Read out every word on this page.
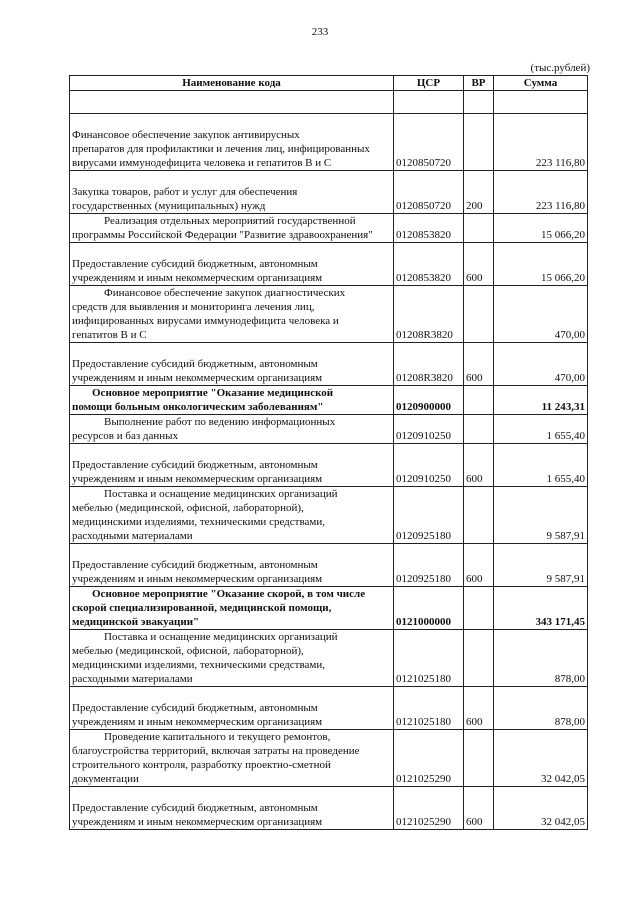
233
(тыс.рублей)
Наименование кода	ЦСР	ВР	Сумма

Финансовое обеспечение закупок антивирусных
препаратов для профилактики и лечения лиц, инфицированных
вирусами иммунодефицита человека и гепатитов В и С	0120850720		223 116,80

Закупка товаров, работ и услуг для обеспечения
государственных (муниципальных) нужд	0120850720	200	223 116,80

Реализация отдельных мероприятий государственной
программы Российской Федерации "Развитие здравоохранения"	0120853820		15 066,20

Предоставление субсидий бюджетным, автономным
учреждениям и иным некоммерческим организациям	0120853820	600	15 066,20

Финансовое обеспечение закупок диагностических
средств для выявления и мониторинга лечения лиц,
инфицированных вирусами иммунодефицита человека и
гепатитов В и С	01208R3820		470,00

Предоставление субсидий бюджетным, автономным
учреждениям и иным некоммерческим организациям	01208R3820	600	470,00

Основное мероприятие "Оказание медицинской
помощи больным онкологическим заболеваниям"	0120900000		11 243,31

Выполнение работ по ведению информационных
ресурсов и баз данных	0120910250		1 655,40

Предоставление субсидий бюджетным, автономным
учреждениям и иным некоммерческим организациям	0120910250	600	1 655,40

Поставка и оснащение медицинских организаций
мебелью (медицинской, офисной, лабораторной),
медицинскими изделиями, техническими средствами,
расходными материалами	0120925180		9 587,91

Предоставление субсидий бюджетным, автономным
учреждениям и иным некоммерческим организациям	0120925180	600	9 587,91

Основное мероприятие "Оказание скорой, в том числе
скорой специализированной, медицинской помощи,
медицинской эвакуации"	0121000000		343 171,45

Поставка и оснащение медицинских организаций
мебелью (медицинской, офисной, лабораторной),
медицинскими изделиями, техническими средствами,
расходными материалами	0121025180		878,00

Предоставление субсидий бюджетным, автономным
учреждениям и иным некоммерческим организациям	0121025180	600	878,00

Проведение капитального и текущего ремонтов,
благоустройства территорий, включая затраты на проведение
строительного контроля, разработку проектно-сметной
документации	0121025290		32 042,05

Предоставление субсидий бюджетным, автономным
учреждениям и иным некоммерческим организациям	0121025290	600	32 042,05
